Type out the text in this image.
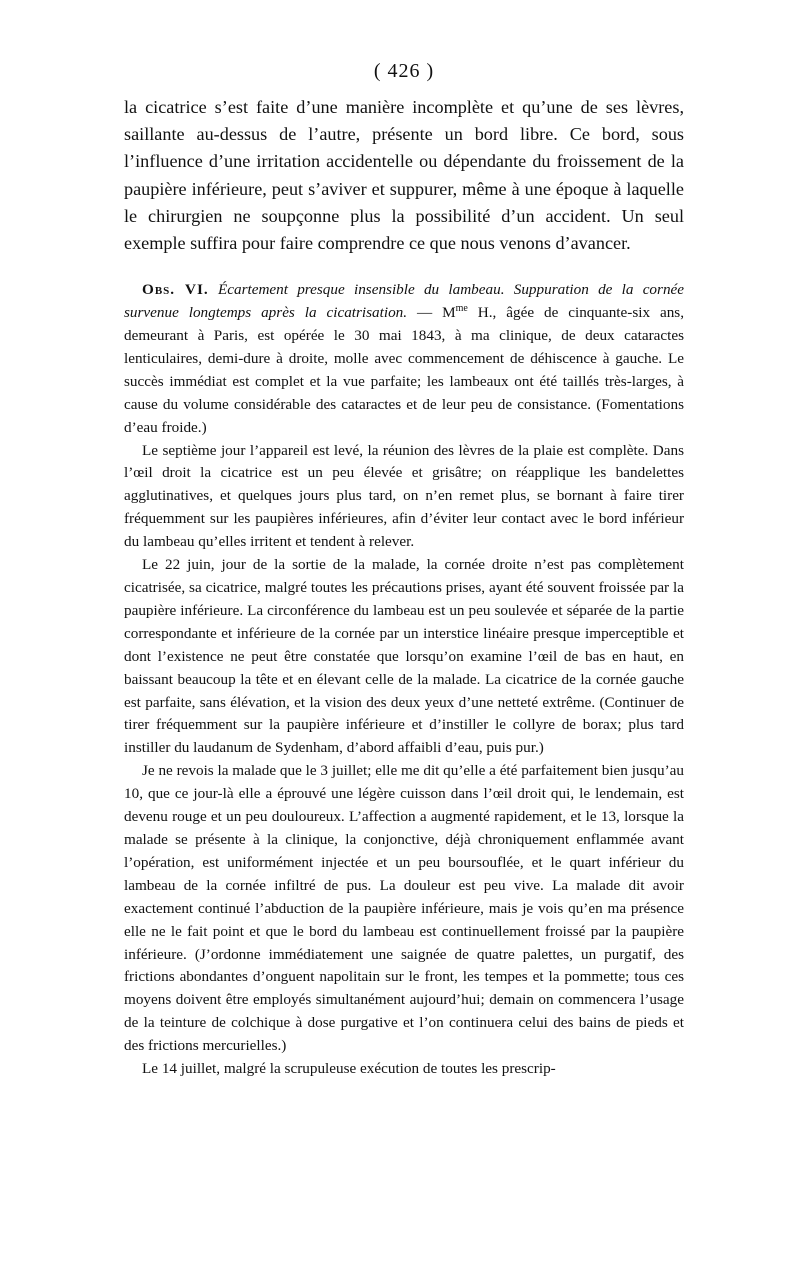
( 426 )

la cicatrice s’est faite d’une manière incomplète et qu’une de ses lèvres, saillante au-dessus de l’autre, présente un bord libre. Ce bord, sous l’influence d’une irritation accidentelle ou dépendante du froissement de la paupière inférieure, peut s’aviver et suppurer, même à une époque à laquelle le chirurgien ne soupçonne plus la possibilité d’un accident. Un seul exemple suffira pour faire comprendre ce que nous venons d’avancer.

Obs. VI. Écartement presque insensible du lambeau. Suppuration de la cornée survenue longtemps après la cicatrisation. — $M^{me}$ H., âgée de cinquante-six ans, demeurant à Paris, est opérée le 30 mai 1843, à ma clinique, de deux cataractes lenticulaires, demi-dure à droite, molle avec commencement de déhiscence à gauche. Le succès immédiat est complet et la vue parfaite; les lambeaux ont été taillés très-larges, à cause du volume considérable des cataractes et de leur peu de consistance. (Fomentations d’eau froide.)

Le septième jour l’appareil est levé, la réunion des lèvres de la plaie est complète. Dans l’œil droit la cicatrice est un peu élevée et grisâtre; on réapplique les bandelettes agglutinatives, et quelques jours plus tard, on n’en remet plus, se bornant à faire tirer fréquemment sur les paupières inférieures, afin d’éviter leur contact avec le bord inférieur du lambeau qu’elles irritent et tendent à relever.

Le 22 juin, jour de la sortie de la malade, la cornée droite n’est pas complètement cicatrisée, sa cicatrice, malgré toutes les précautions prises, ayant été souvent froissée par la paupière inférieure. La circonférence du lambeau est un peu soulevée et séparée de la partie correspondante et inférieure de la cornée par un interstice linéaire presque imperceptible et dont l’existence ne peut être constatée que lorsqu’on examine l’œil de bas en haut, en baissant beaucoup la tête et en élevant celle de la malade. La cicatrice de la cornée gauche est parfaite, sans élévation, et la vision des deux yeux d’une netteté extrême. (Continuer de tirer fréquemment sur la paupière inférieure et d’instiller le collyre de borax; plus tard instiller du laudanum de Sydenham, d’abord affaibli d’eau, puis pur.)

Je ne revois la malade que le 3 juillet; elle me dit qu’elle a été parfaitement bien jusqu’au 10, que ce jour-là elle a éprouvé une légère cuisson dans l’œil droit qui, le lendemain, est devenu rouge et un peu douloureux. L’affection a augmenté rapidement, et le 13, lorsque la malade se présente à la clinique, la conjonctive, déjà chroniquement enflammée avant l’opération, est uniformément injectée et un peu boursouflée, et le quart inférieur du lambeau de la cornée infiltré de pus. La douleur est peu vive. La malade dit avoir exactement continué l’abduction de la paupière inférieure, mais je vois qu’en ma présence elle ne le fait point et que le bord du lambeau est continuellement froissé par la paupière inférieure. (J’ordonne immédiatement une saignée de quatre palettes, un purgatif, des frictions abondantes d’onguent napolitain sur le front, les tempes et la pommette; tous ces moyens doivent être employés simultanément aujourd’hui; demain on commencera l’usage de la teinture de colchique à dose purgative et l’on continuera celui des bains de pieds et des frictions mercurielles.)

Le 14 juillet, malgré la scrupuleuse exécution de toutes les prescrip-
